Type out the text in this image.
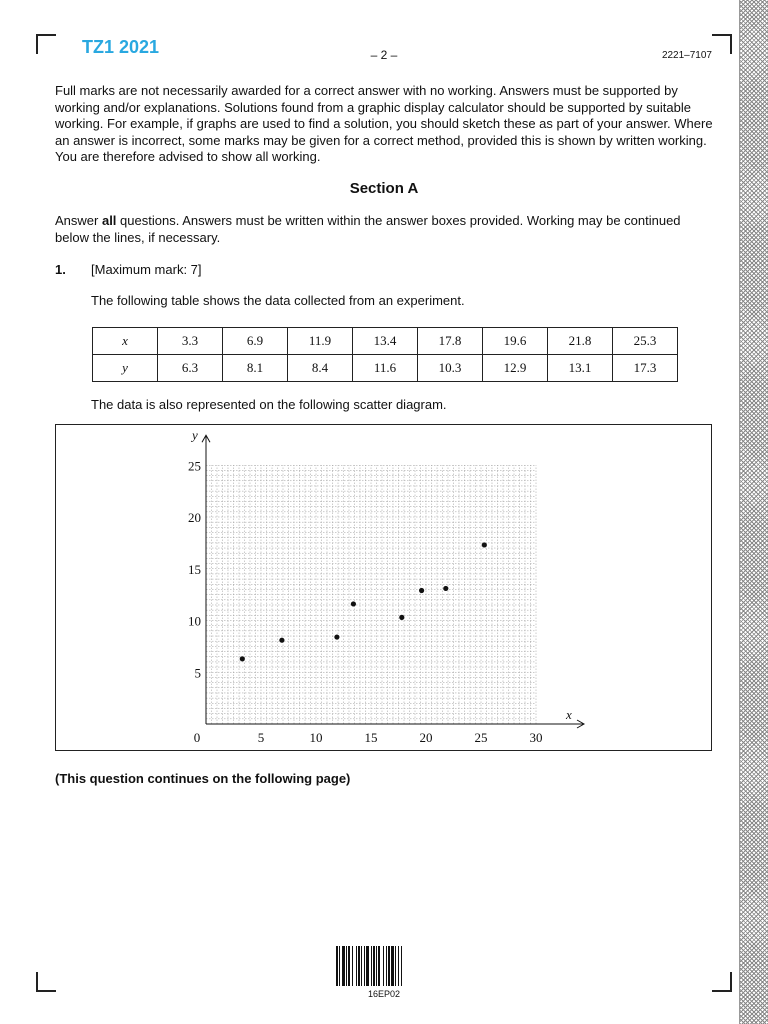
TZ1 2021	– 2 –	2221–7107

Full marks are not necessarily awarded for a correct answer with no working. Answers must be supported by working and/or explanations. Solutions found from a graphic display calculator should be supported by suitable working. For example, if graphs are used to find a solution, you should sketch these as part of your answer. Where an answer is incorrect, some marks may be given for a correct method, provided this is shown by written working. You are therefore advised to show all working.

Section A

Answer all questions. Answers must be written within the answer boxes provided. Working may be continued below the lines, if necessary.

1. [Maximum mark: 7]
The following table shows the data collected from an experiment.
x	3.3	6.9	11.9	13.4	17.8	19.6	21.8	25.3
y	6.3	8.1	8.4	11.6	10.3	12.9	13.1	17.3
The data is also represented on the following scatter diagram.
x
y
0	5	10	15	20	25	30
5
10
15
20
25
(This question continues on the following page)
16EP02
